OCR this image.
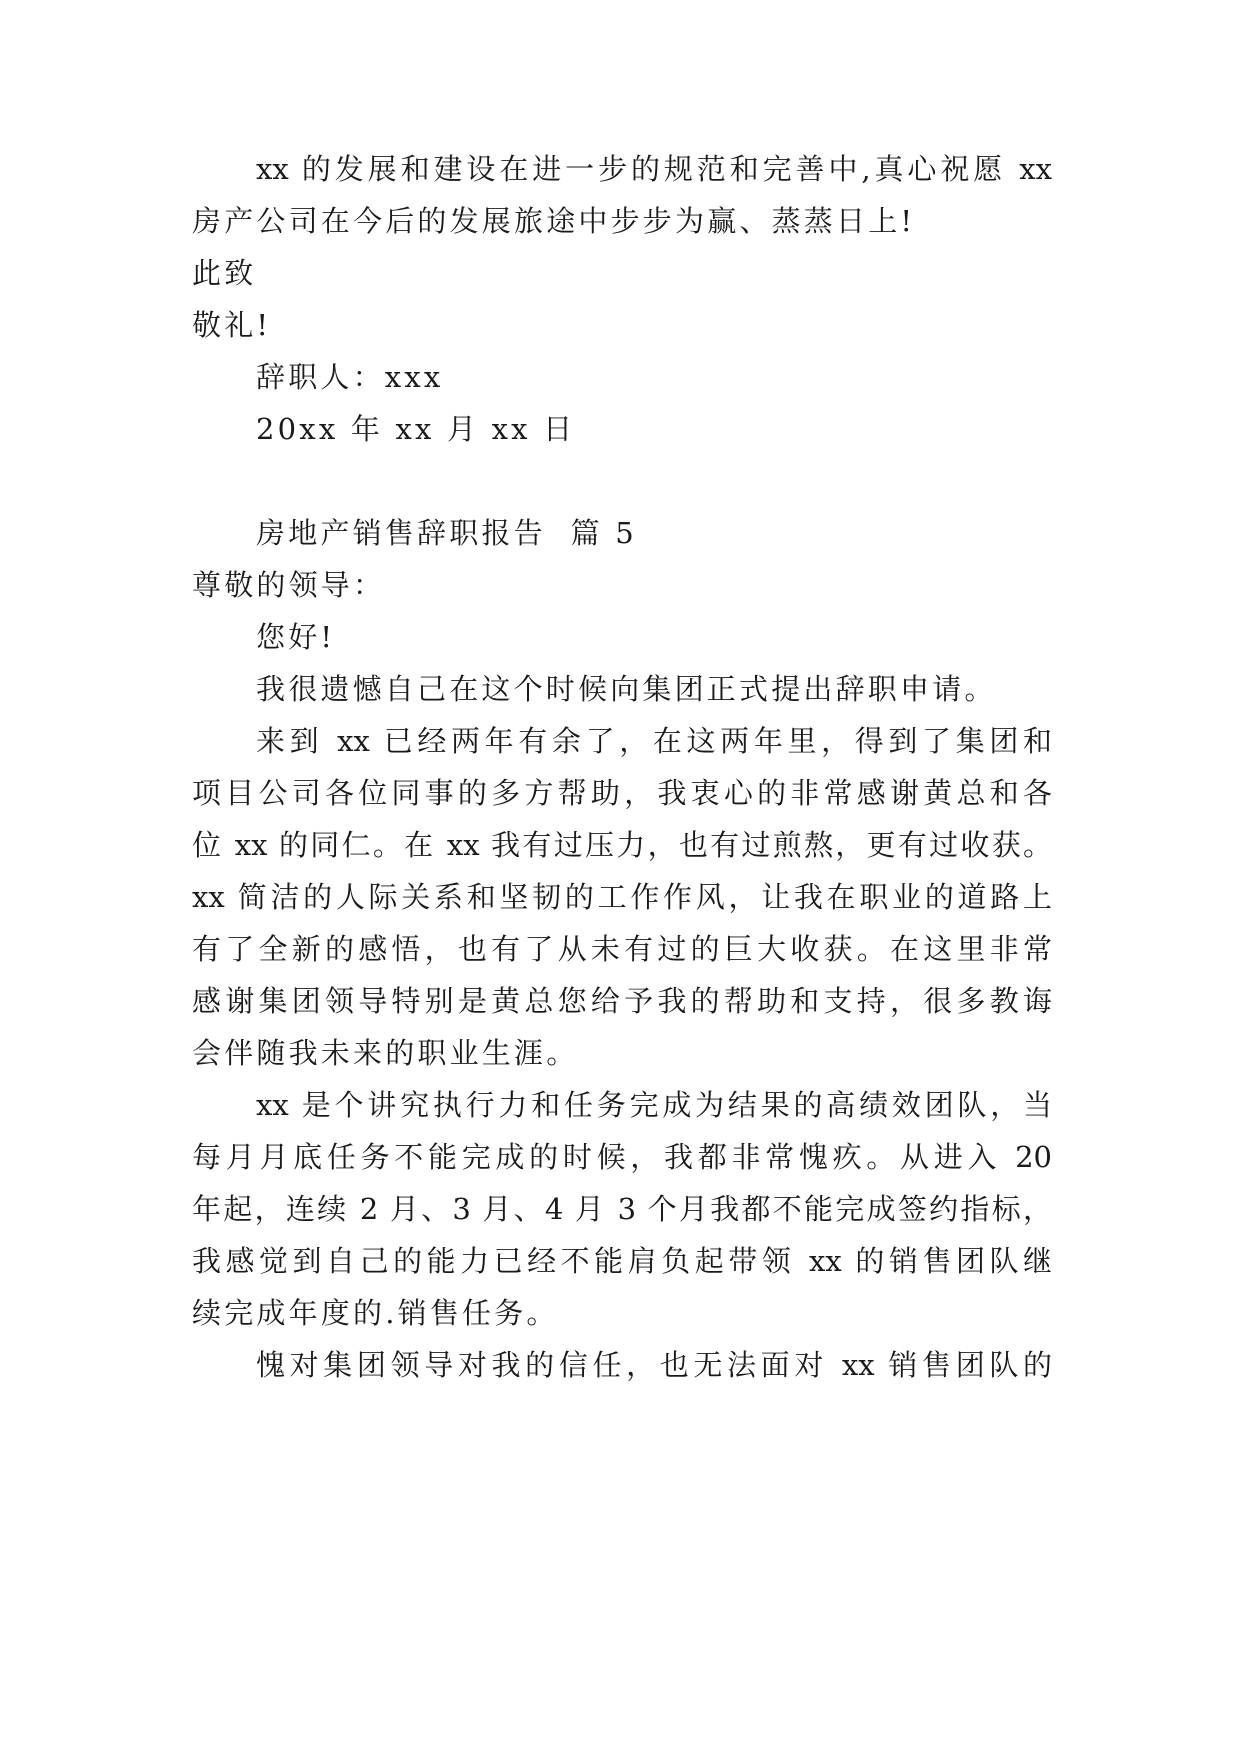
xx 的发展和建设在进一步的规范和完善中,真心祝愿 xx
房产公司在今后的发展旅途中步步为赢、蒸蒸日上!
此致
敬礼!
辞职人：xxx
20xx 年 xx 月 xx 日
房地产销售辞职报告  篇 5
尊敬的领导：
您好!
我很遗憾自己在这个时候向集团正式提出辞职申请。
来到 xx 已经两年有余了，在这两年里，得到了集团和
项目公司各位同事的多方帮助，我衷心的非常感谢黄总和各
位 xx 的同仁。在 xx 我有过压力，也有过煎熬，更有过收获。
xx 简洁的人际关系和坚韧的工作作风，让我在职业的道路上
有了全新的感悟，也有了从未有过的巨大收获。在这里非常
感谢集团领导特别是黄总您给予我的帮助和支持，很多教诲
会伴随我未来的职业生涯。
xx 是个讲究执行力和任务完成为结果的高绩效团队，当
每月月底任务不能完成的时候，我都非常愧疚。从进入 20
年起，连续 2 月、3 月、4 月 3 个月我都不能完成签约指标，
我感觉到自己的能力已经不能肩负起带领 xx 的销售团队继
续完成年度的.销售任务。
愧对集团领导对我的信任，也无法面对 xx 销售团队的
